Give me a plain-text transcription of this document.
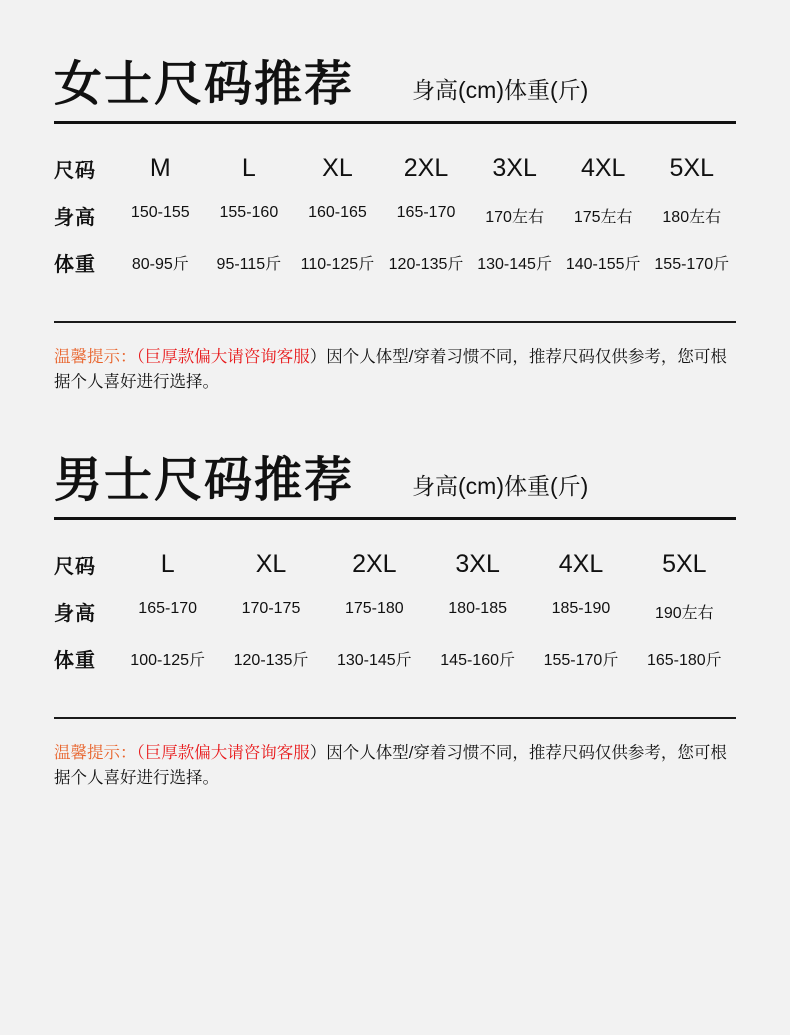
女士尺码推荐	身高(cm)体重(斤)
尺码	M	L	XL	2XL	3XL	4XL	5XL
身高	150-155	155-160	160-165	165-170	170左右	175左右	180左右
体重	80-95斤	95-115斤	110-125斤 120-135斤 130-145斤 140-155斤 155-170斤
温馨提示：（巨厚款偏大请咨询客服）因个人体型/穿着习惯不同，推荐尺码仅供参考，您可根据个人喜好进行选择。
男士尺码推荐	身高(cm)体重(斤)
尺码	L	XL	2XL	3XL	4XL	5XL
身高	165-170	170-175	175-180	180-185	185-190	190左右
体重	100-125斤	120-135斤	130-145斤	145-160斤	155-170斤	165-180斤
温馨提示：（巨厚款偏大请咨询客服）因个人体型/穿着习惯不同，推荐尺码仅供参考，您可根据个人喜好进行选择。
